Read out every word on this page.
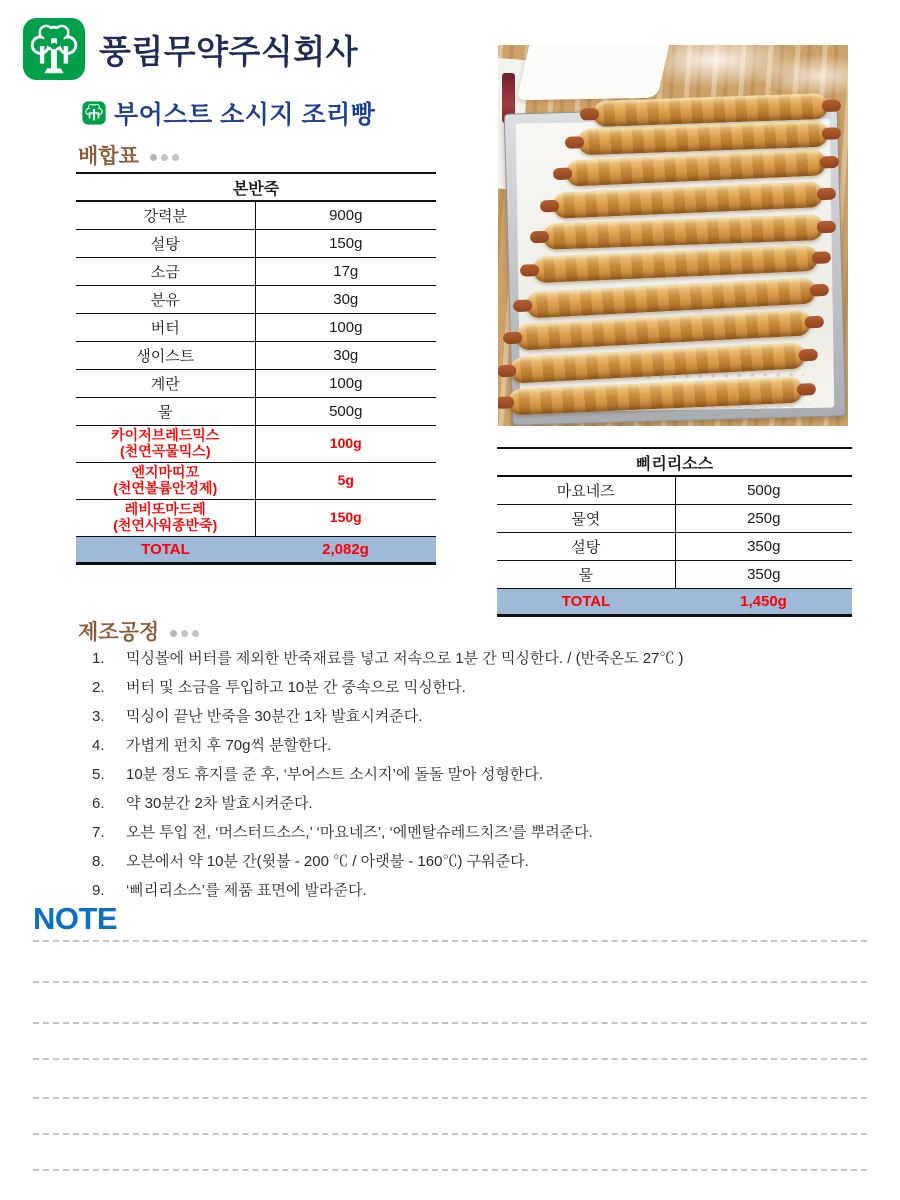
풍림무약주식회사
부어스트 소시지 조리빵
배합표
본반죽	
강력분	900g
설탕	150g
소금	17g
분유	30g
버터	100g
생이스트	30g
계란	100g
물	500g
카이저브레드믹스
(천연곡물믹스)	100g
엔지마띠꼬
(천연볼륨안정제)	5g
레비또마드레
(천연사워종반죽)	150g
TOTAL	2,082g
삐리리소스	
마요네즈	500g
물엿	250g
설탕	350g
물	350g
TOTAL	1,450g
제조공정
1.	믹싱볼에 버터를 제외한 반죽재료를 넣고 저속으로 1분 간 믹싱한다. / (반죽온도 27℃ )
2.	버터 및 소금을 투입하고 10분 간 중속으로 믹싱한다.
3.	믹싱이 끝난 반죽을 30분간 1차 발효시켜준다.
4.	가볍게 펀치 후 70g씩 분할한다.
5.	10분 정도 휴지를 준 후, ‘부어스트 소시지’에 돌돌 말아 성형한다.
6.	약 30분간 2차 발효시켜준다.
7.	오븐 투입 전, ‘머스터드소스,’ ‘마요네즈’, ‘에멘탈슈레드치즈’를 뿌려준다.
8.	오븐에서 약 10분 간(윗불 - 200 ℃ / 아랫불 - 160℃) 구워준다.
9.	‘삐리리소스’를 제품 표면에 발라준다.
NOTE
